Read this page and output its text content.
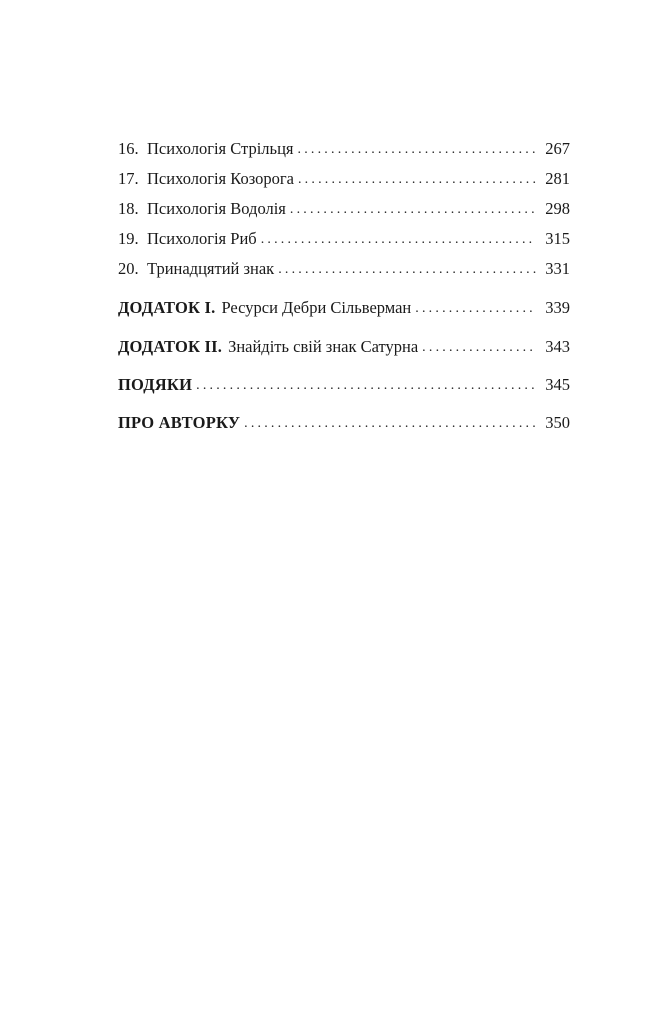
16. Психологія Стрільця .....	267
17. Психологія Козорога .....	281
18. Психологія Водолія .....	298
19. Психологія Риб .....	315
20. Тринадцятий знак .....	331
ДОДАТОК І. Ресурси Дебри Сільверман .....	339
ДОДАТОК ІІ. Знайдіть свій знак Сатурна .....	343
ПОДЯКИ .....	345
ПРО АВТОРКУ .....	350
